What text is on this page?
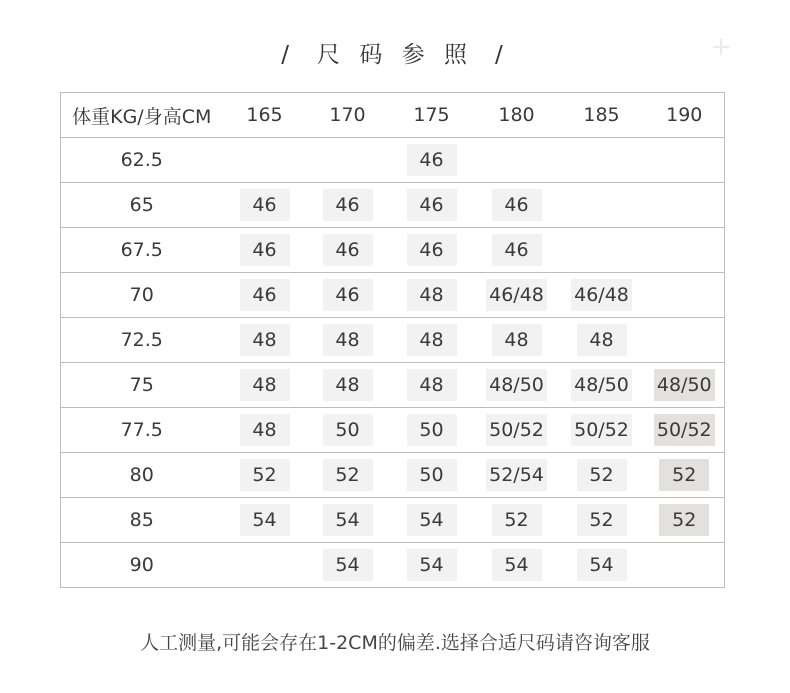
/ 尺 码 参 照 /	+
体重KG/身高CM	165	170	175	180	185	190
62.5			46			
65	46	46	46	46		
67.5	46	46	46	46		
70	46	46	48	46/48	46/48	
72.5	48	48	48	48	48	
75	48	48	48	48/50	48/50	48/50
77.5	48	50	50	50/52	50/52	50/52
80	52	52	50	52/54	52	52
85	54	54	54	52	52	52
90		54	54	54	54	
人工测量,可能会存在1-2CM的偏差.选择合适尺码请咨询客服
